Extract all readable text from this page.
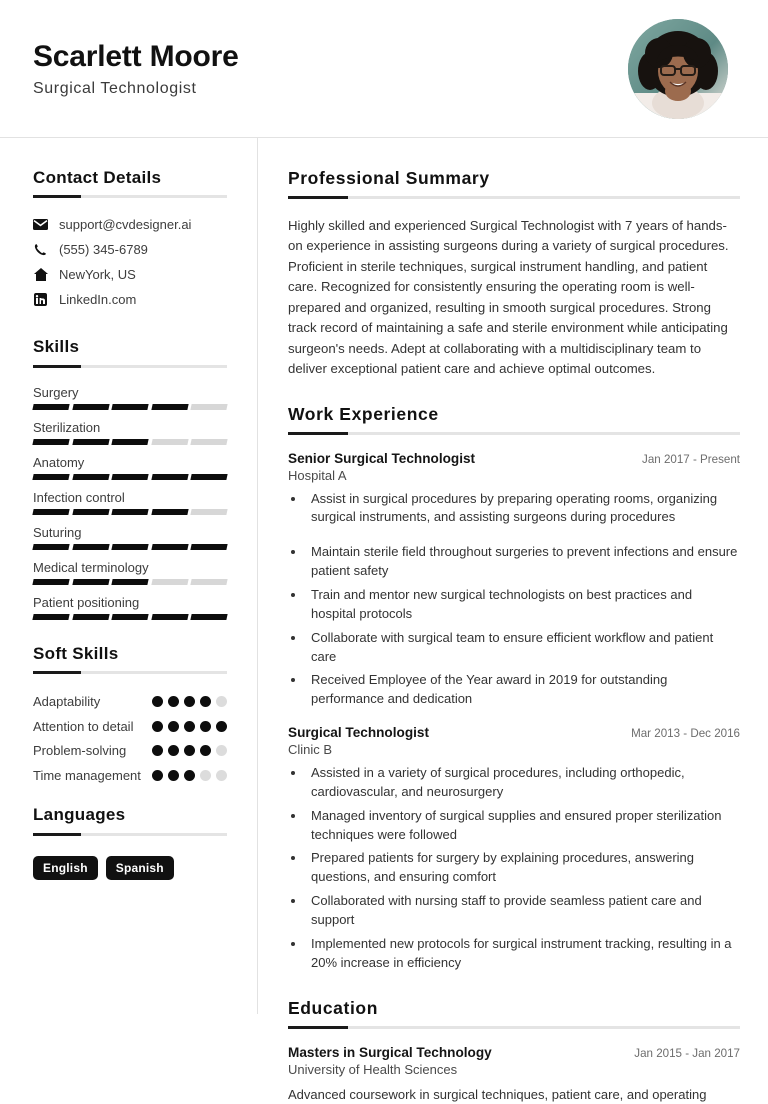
Scarlett Moore
Surgical Technologist
Contact Details
support@cvdesigner.ai
(555) 345-6789
NewYork, US
LinkedIn.com
Skills
Surgery
Sterilization
Anatomy
Infection control
Suturing
Medical terminology
Patient positioning
Soft Skills
Adaptability
Attention to detail
Problem-solving
Time management
Languages
English	Spanish
Professional Summary

Highly skilled and experienced Surgical Technologist with 7 years of hands-on experience in assisting surgeons during a variety of surgical procedures. Proficient in sterile techniques, surgical instrument handling, and patient care. Recognized for consistently ensuring the operating room is well-prepared and organized, resulting in smooth surgical procedures. Strong track record of maintaining a safe and sterile environment while anticipating surgeon's needs. Adept at collaborating with a multidisciplinary team to deliver exceptional patient care and achieve optimal outcomes.

Work Experience
Senior Surgical Technologist	Jan 2017 - Present
Hospital A
• Assist in surgical procedures by preparing operating rooms, organizing surgical instruments, and assisting surgeons during procedures
• Maintain sterile field throughout surgeries to prevent infections and ensure patient safety
• Train and mentor new surgical technologists on best practices and hospital protocols
• Collaborate with surgical team to ensure efficient workflow and patient care
• Received Employee of the Year award in 2019 for outstanding performance and dedication
Surgical Technologist	Mar 2013 - Dec 2016
Clinic B
• Assisted in a variety of surgical procedures, including orthopedic, cardiovascular, and neurosurgery
• Managed inventory of surgical supplies and ensured proper sterilization techniques were followed
• Prepared patients for surgery by explaining procedures, answering questions, and ensuring comfort
• Collaborated with nursing staff to provide seamless patient care and support
• Implemented new protocols for surgical instrument tracking, resulting in a 20% increase in efficiency
Education
Masters in Surgical Technology	Jan 2015 - Jan 2017
University of Health Sciences
Advanced coursework in surgical techniques, patient care, and operating
